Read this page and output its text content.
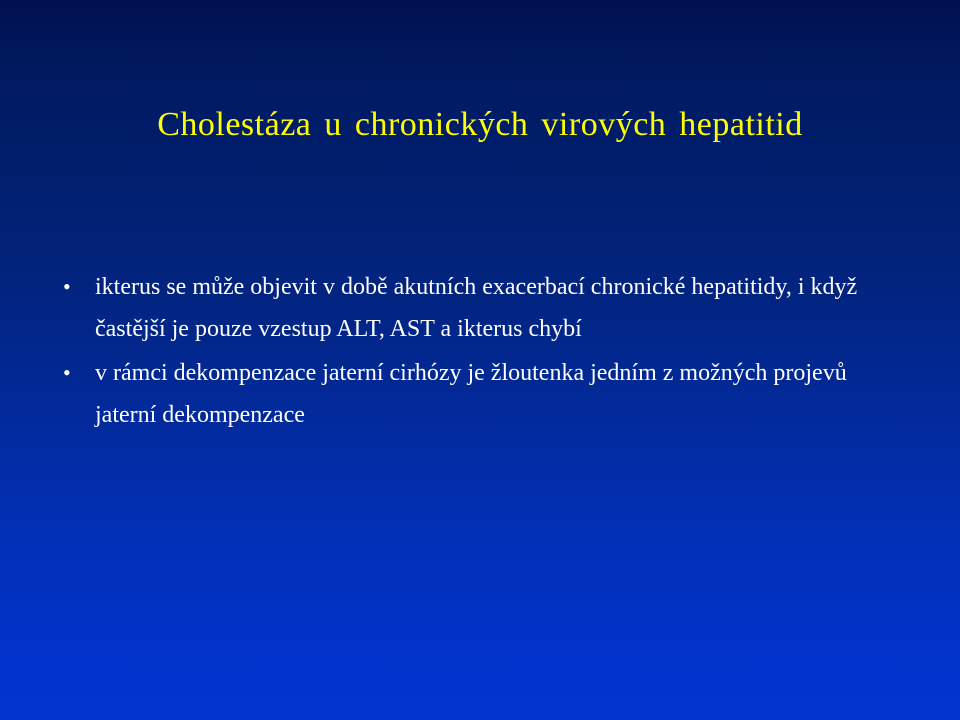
Cholestáza u chronických virových hepatitid
• ikterus se může objevit v době akutních exacerbací chronické hepatitidy, i když častější je pouze vzestup ALT, AST a ikterus chybí
• v rámci dekompenzace jaterní cirhózy je žloutenka jedním z možných projevů jaterní dekompenzace
